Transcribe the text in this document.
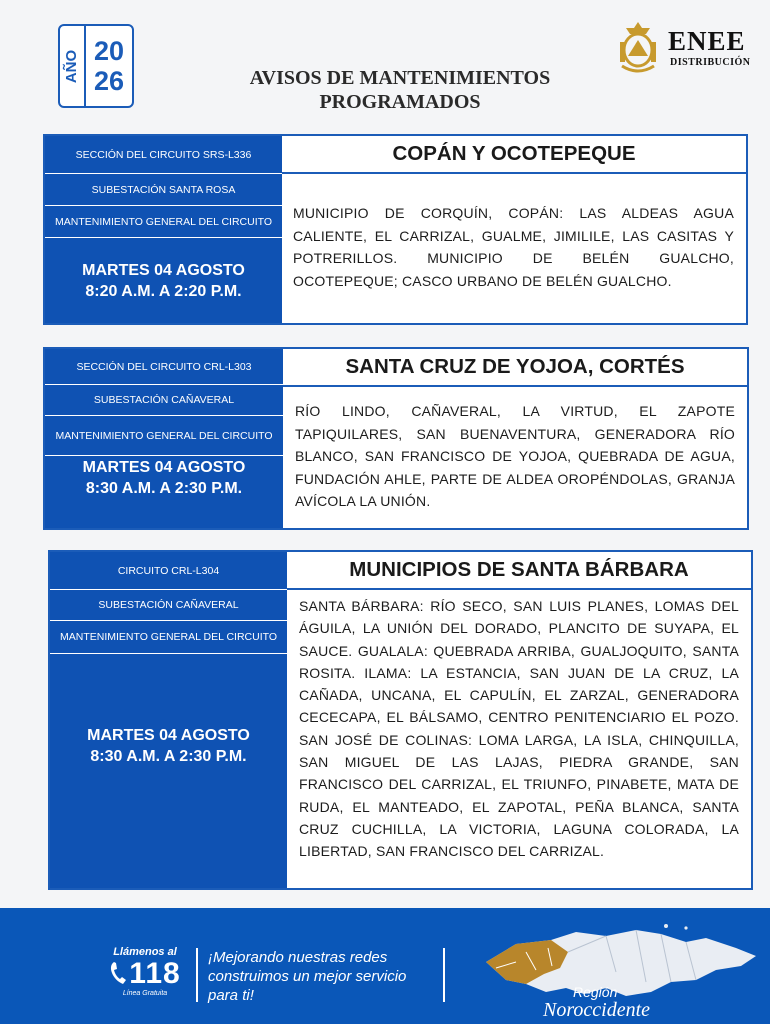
AÑO 20
26	AVISOS DE MANTENIMIENTOS
PROGRAMADOS
ENEE
DISTRIBUCIÓN
SECCIÓN DEL CIRCUITO SRS-L336
SUBESTACIÓN SANTA ROSA
MANTENIMIENTO GENERAL DEL CIRCUITO
MARTES 04 AGOSTO
8:20 A.M. A 2:20 P.M.
COPÁN Y OCOTEPEQUE
MUNICIPIO DE CORQUÍN, COPÁN: LAS ALDEAS AGUA CALIENTE, EL CARRIZAL, GUALME, JIMILILE, LAS CASITAS Y POTRERILLOS. MUNICIPIO DE BELÉN GUALCHO, OCOTEPEQUE; CASCO URBANO DE BELÉN GUALCHO.
SECCIÓN DEL CIRCUITO CRL-L303
SUBESTACIÓN CAÑAVERAL
MANTENIMIENTO GENERAL DEL CIRCUITO
MARTES 04 AGOSTO
8:30 A.M. A 2:30 P.M.
SANTA CRUZ DE YOJOA, CORTÉS
RÍO LINDO, CAÑAVERAL, LA VIRTUD, EL ZAPOTE TAPIQUILARES, SAN BUENAVENTURA, GENERADORA RÍO BLANCO, SAN FRANCISCO DE YOJOA, QUEBRADA DE AGUA, FUNDACIÓN AHLE, PARTE DE ALDEA OROPÉNDOLAS, GRANJA AVÍCOLA LA UNIÓN.
CIRCUITO CRL-L304
SUBESTACIÓN CAÑAVERAL
MANTENIMIENTO GENERAL DEL CIRCUITO
MARTES 04 AGOSTO
8:30 A.M. A 2:30 P.M.
MUNICIPIOS DE SANTA BÁRBARA
SANTA BÁRBARA: RÍO SECO, SAN LUIS PLANES, LOMAS DEL ÁGUILA, LA UNIÓN DEL DORADO, PLANCITO DE SUYAPA, EL SAUCE. GUALALA: QUEBRADA ARRIBA, GUALJOQUITO, SANTA ROSITA. ILAMA: LA ESTANCIA, SAN JUAN DE LA CRUZ, LA CAÑADA, UNCANA, EL CAPULÍN, EL ZARZAL, GENERADORA CECECAPA, EL BÁLSAMO, CENTRO PENITENCIARIO EL POZO. SAN JOSÉ DE COLINAS: LOMA LARGA, LA ISLA, CHINQUILLA, SAN MIGUEL DE LAS LAJAS, PIEDRA GRANDE, SAN FRANCISCO DEL CARRIZAL, EL TRIUNFO, PINABETE, MATA DE RUDA, EL MANTEADO, EL ZAPOTAL, PEÑA BLANCA, SANTA CRUZ CUCHILLA, LA VICTORIA, LAGUNA COLORADA, LA LIBERTAD, SAN FRANCISCO DEL CARRIZAL.
Llámenos al
118
Línea Gratuita
¡Mejorando nuestras redes construimos un mejor servicio para ti!	Región
Noroccidente
